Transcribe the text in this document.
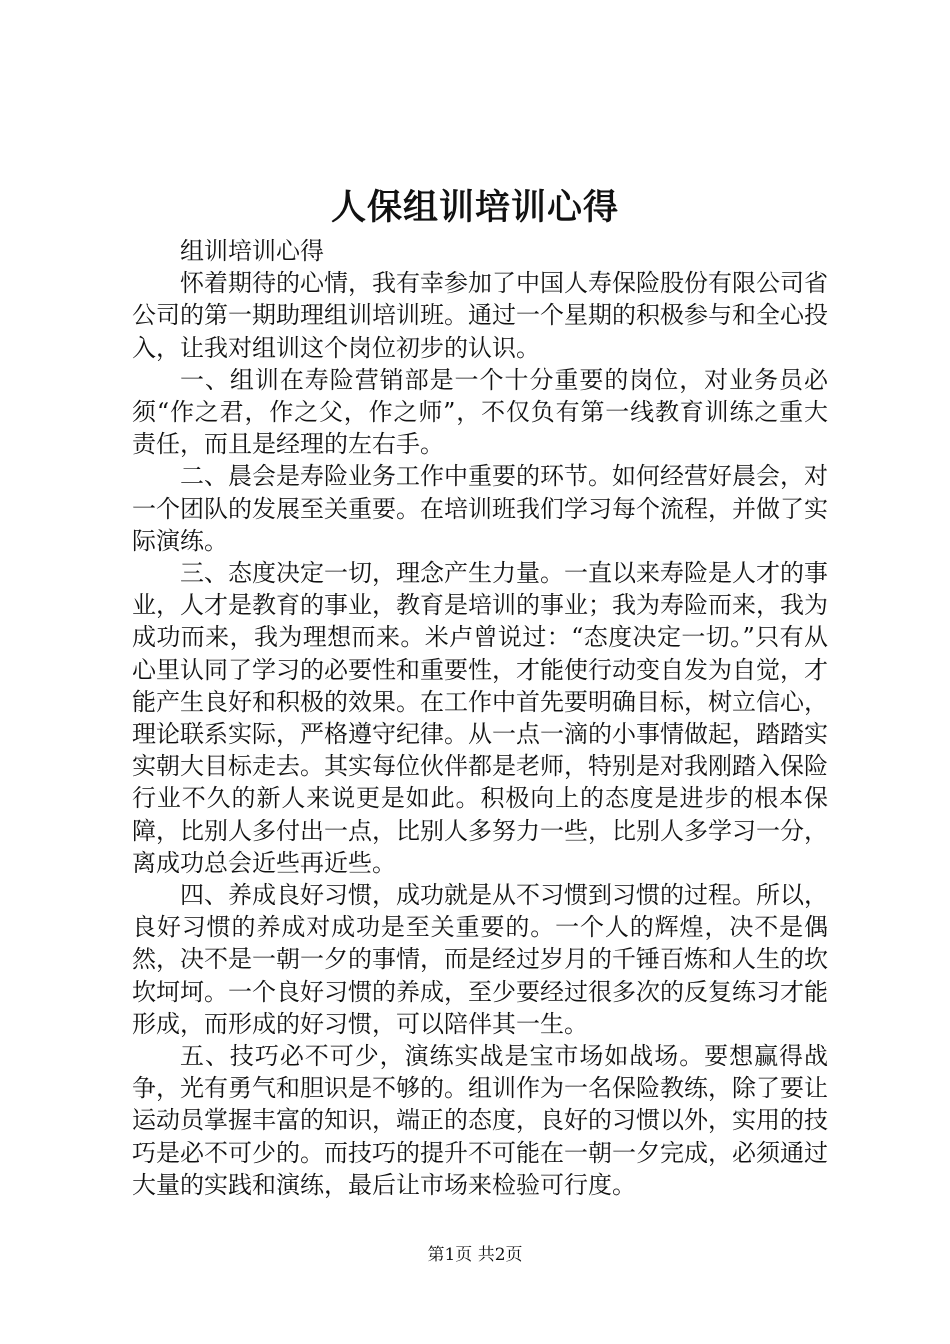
人保组训培训心得

组训培训心得

怀着期待的心情，我有幸参加了中国人寿保险股份有限公司省公司的第一期助理组训培训班。通过一个星期的积极参与和全心投入，让我对组训这个岗位初步的认识。

一、组训在寿险营销部是一个十分重要的岗位，对业务员必须“作之君，作之父，作之师”，不仅负有第一线教育训练之重大责任，而且是经理的左右手。

二、晨会是寿险业务工作中重要的环节。如何经营好晨会，对一个团队的发展至关重要。在培训班我们学习每个流程，并做了实际演练。

三、态度决定一切，理念产生力量。一直以来寿险是人才的事业，人才是教育的事业，教育是培训的事业；我为寿险而来，我为成功而来，我为理想而来。米卢曾说过：“态度决定一切。”只有从心里认同了学习的必要性和重要性，才能使行动变自发为自觉，才能产生良好和积极的效果。在工作中首先要明确目标，树立信心，理论联系实际，严格遵守纪律。从一点一滴的小事情做起，踏踏实实朝大目标走去。其实每位伙伴都是老师，特别是对我刚踏入保险行业不久的新人来说更是如此。积极向上的态度是进步的根本保障，比别人多付出一点，比别人多努力一些，比别人多学习一分，离成功总会近些再近些。

四、养成良好习惯，成功就是从不习惯到习惯的过程。所以，良好习惯的养成对成功是至关重要的。一个人的辉煌，决不是偶然，决不是一朝一夕的事情，而是经过岁月的千锤百炼和人生的坎坎坷坷。一个良好习惯的养成，至少要经过很多次的反复练习才能形成，而形成的好习惯，可以陪伴其一生。

五、技巧必不可少，演练实战是宝市场如战场。要想赢得战争，光有勇气和胆识是不够的。组训作为一名保险教练，除了要让运动员掌握丰富的知识，端正的态度，良好的习惯以外，实用的技巧是必不可少的。而技巧的提升不可能在一朝一夕完成，必须通过大量的实践和演练，最后让市场来检验可行度。

第1页 共2页
